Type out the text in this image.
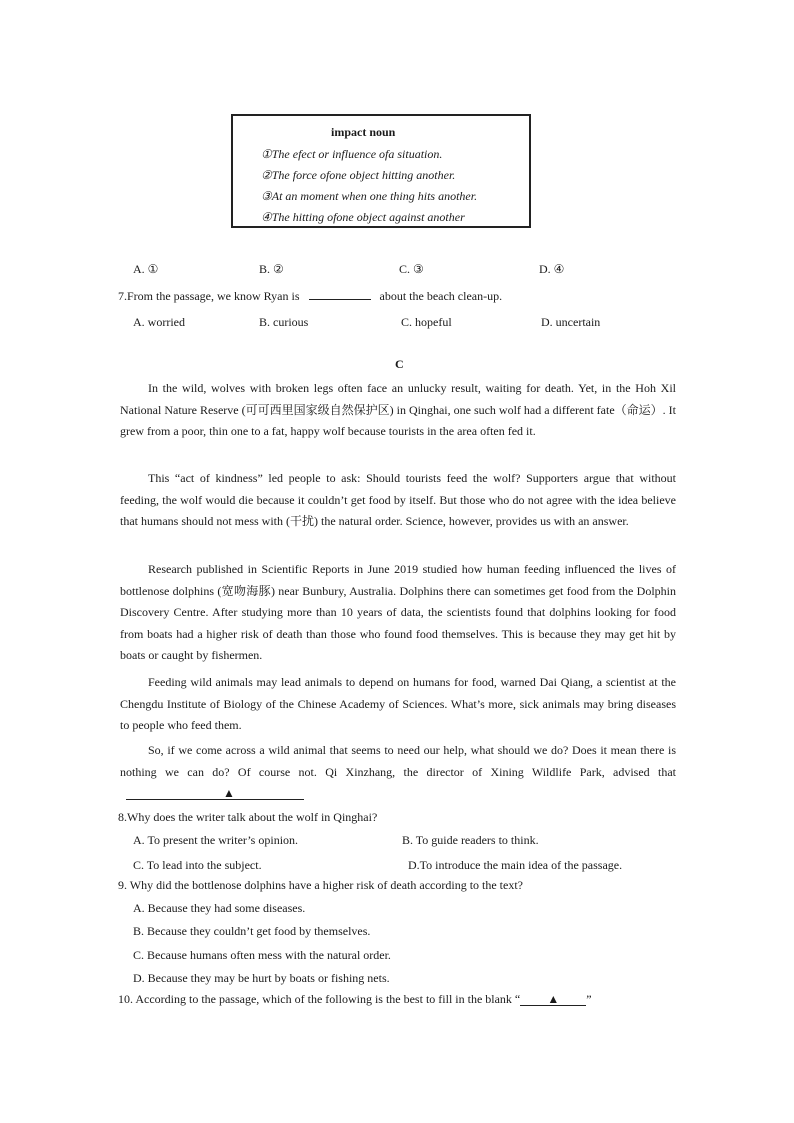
impact noun
①The efect or influence ofa situation.
②The force ofone object hitting another.
③At an moment when one thing hits another.
④The hitting ofone object against another
A. ①	B. ②	C. ③	D. ④
7.From the passage, we know Ryan is	about the beach clean-up.
A. worried	B. curious	C. hopeful	D. uncertain
C
In the wild, wolves with broken legs often face an unlucky result, waiting for death. Yet, in the Hoh Xil National Nature Reserve (可可西里国家级自然保护区) in Qinghai, one such wolf had a different fate（命运）. It grew from a poor, thin one to a fat, happy wolf because tourists in the area often fed it.
This “act of kindness” led people to ask: Should tourists feed the wolf? Supporters argue that without feeding, the wolf would die because it couldn’t get food by itself. But those who do not agree with the idea believe that humans should not mess with (干扰) the natural order. Science, however, provides us with an answer.
Research published in Scientific Reports in June 2019 studied how human feeding influenced the lives of bottlenose dolphins (宽吻海豚) near Bunbury, Australia. Dolphins there can sometimes get food from the Dolphin Discovery Centre. After studying more than 10 years of data, the scientists found that dolphins looking for food from boats had a higher risk of death than those who found food themselves. This is because they may get hit by boats or caught by fishermen.
Feeding wild animals may lead animals to depend on humans for food, warned Dai Qiang, a scientist at the Chengdu Institute of Biology of the Chinese Academy of Sciences. What’s more, sick animals may bring diseases to people who feed them.
So, if we come across a wild animal that seems to need our help, what should we do? Does it mean there is nothing we can do? Of course not. Qi Xinzhang, the director of Xining Wildlife Park, advised that ▲
8.Why does the writer talk about the wolf in Qinghai?
A. To present the writer’s opinion.	B. To guide readers to think.
C. To lead into the subject.	D.To introduce the main idea of the passage.
9. Why did the bottlenose dolphins have a higher risk of death according to the text?
A. Because they had some diseases.
B. Because they couldn’t get food by themselves.
C. Because humans often mess with the natural order.
D. Because they may be hurt by boats or fishing nets.
10. According to the passage, which of the following is the best to fill in the blank “ ▲ ”
